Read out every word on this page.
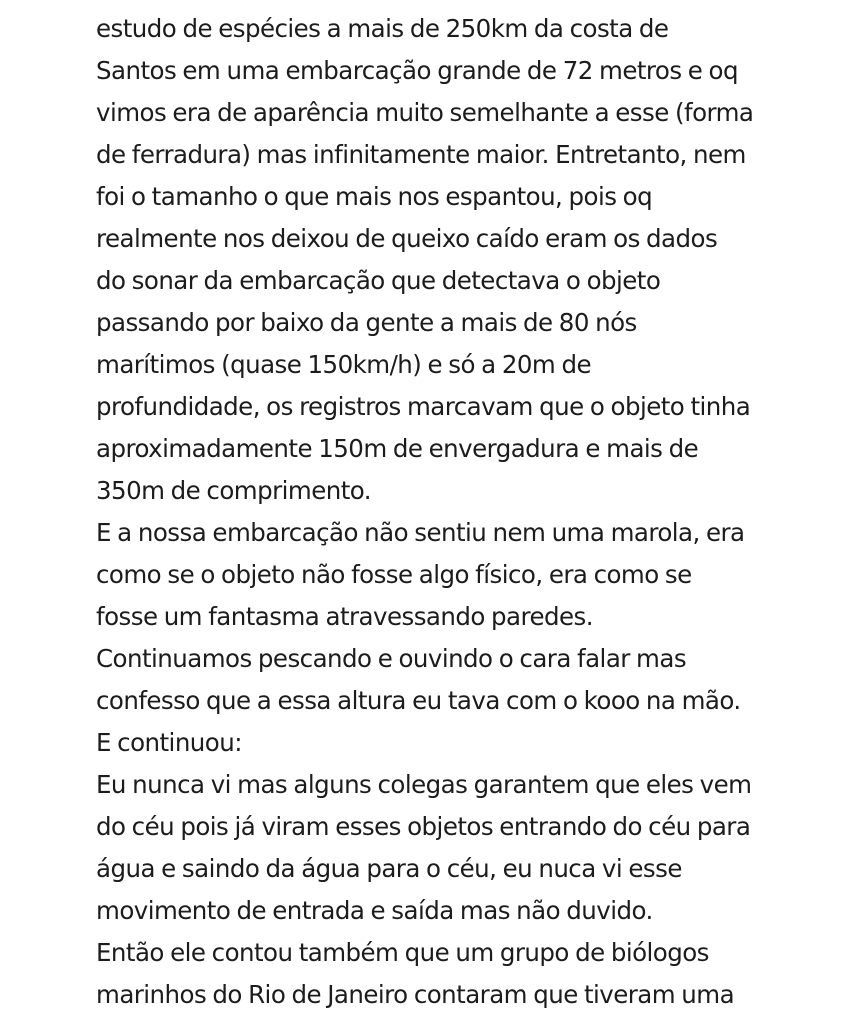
estudo de espécies a mais de 250km da costa de
Santos em uma embarcação grande de 72 metros e oq
vimos era de aparência muito semelhante a esse (forma
de ferradura) mas infinitamente maior. Entretanto, nem
foi o tamanho o que mais nos espantou, pois oq
realmente nos deixou de queixo caído eram os dados
do sonar da embarcação que detectava o objeto
passando por baixo da gente a mais de 80 nós
marítimos (quase 150km/h) e só a 20m de
profundidade, os registros marcavam que o objeto tinha
aproximadamente 150m de envergadura e mais de
350m de comprimento.
E a nossa embarcação não sentiu nem uma marola, era
como se o objeto não fosse algo físico, era como se
fosse um fantasma atravessando paredes.
Continuamos pescando e ouvindo o cara falar mas
confesso que a essa altura eu tava com o kooo na mão.
E continuou:
Eu nunca vi mas alguns colegas garantem que eles vem
do céu pois já viram esses objetos entrando do céu para
água e saindo da água para o céu, eu nuca vi esse
movimento de entrada e saída mas não duvido.
Então ele contou também que um grupo de biólogos
marinhos do Rio de Janeiro contaram que tiveram uma
